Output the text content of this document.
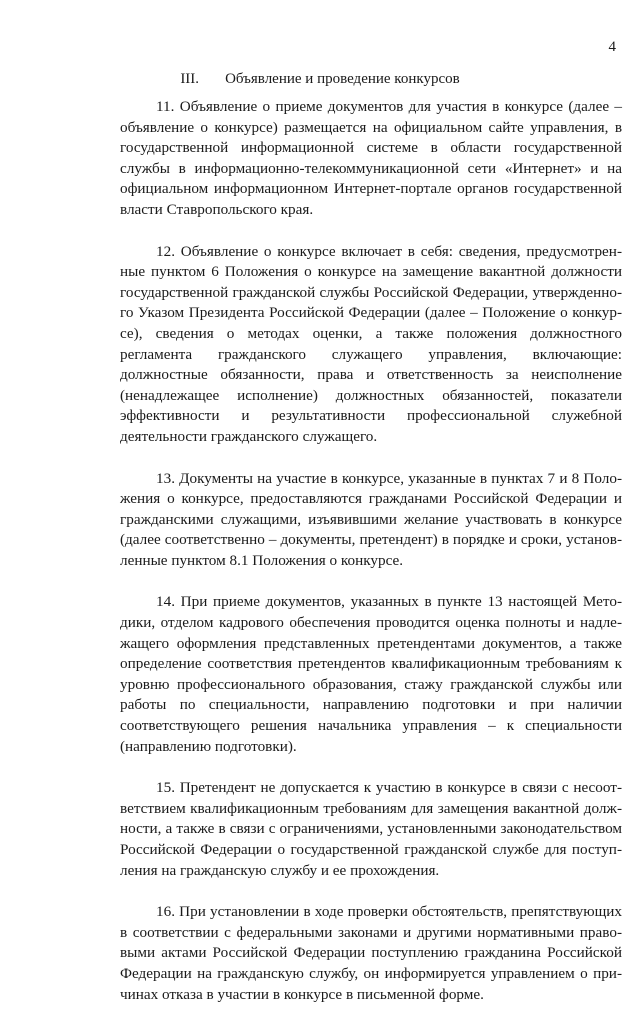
4
III. Объявление и проведение конкурсов

11. Объявление о приеме документов для участия в конкурсе (далее – объявление о конкурсе) размещается на официальном сайте управления, в государственной информационной системе в области государственной службы в информационно-телекоммуникационной сети «Интернет» и на официальном информационном Интернет-портале органов государственной власти Ставропольского края.

12. Объявление о конкурсе включает в себя: сведения, предусмотренные пунктом 6 Положения о конкурсе на замещение вакантной должности государственной гражданской службы Российской Федерации, утвержденного Указом Президента Российской Федерации (далее – Положение о конкурсе), сведения о методах оценки, а также положения должностного регламента гражданского служащего управления, включающие: должностные обязанности, права и ответственность за неисполнение (ненадлежащее исполнение) должностных обязанностей, показатели эффективности и результативности профессиональной служебной деятельности гражданского служащего.

13. Документы на участие в конкурсе, указанные в пунктах 7 и 8 Положения о конкурсе, предоставляются гражданами Российской Федерации и гражданскими служащими, изъявившими желание участвовать в конкурсе (далее соответственно – документы, претендент) в порядке и сроки, установленные пунктом 8.1 Положения о конкурсе.

14. При приеме документов, указанных в пункте 13 настоящей Методики, отделом кадрового обеспечения проводится оценка полноты и надлежащего оформления представленных претендентами документов, а также определение соответствия претендентов квалификационным требованиям к уровню профессионального образования, стажу гражданской службы или работы по специальности, направлению подготовки и при наличии соответствующего решения начальника управления – к специальности (направлению подготовки).

15. Претендент не допускается к участию в конкурсе в связи с несоответствием квалификационным требованиям для замещения вакантной должности, а также в связи с ограничениями, установленными законодательством Российской Федерации о государственной гражданской службе для поступления на гражданскую службу и ее прохождения.

16. При установлении в ходе проверки обстоятельств, препятствующих в соответствии с федеральными законами и другими нормативными правовыми актами Российской Федерации поступлению гражданина Российской Федерации на гражданскую службу, он информируется управлением о причинах отказа в участии в конкурсе в письменной форме.
